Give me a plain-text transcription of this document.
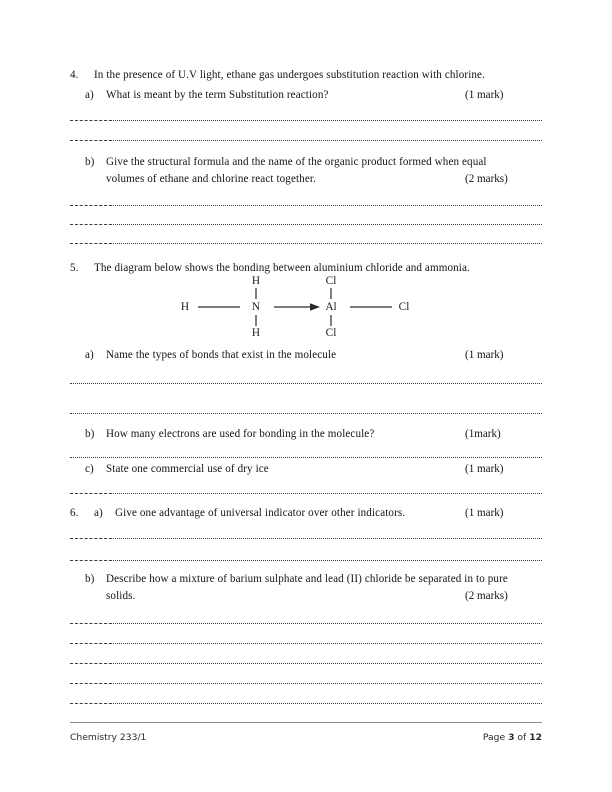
4.	In the presence of U.V light, ethane gas undergoes substitution reaction with chlorine.
a)	What is meant by the term Substitution reaction?	(1 mark)
b)	Give the structural formula and the name of the organic product formed when equal
volumes of ethane and chlorine react together.	(2 marks)
5.	The diagram below shows the bonding between aluminium chloride and ammonia.
H
H
N
H
Cl
Al
Cl
Cl
a)	Name the types of bonds that exist in the molecule	(1 mark)
b)	How many electrons are used for bonding in the molecule?	(1mark)
c)	State one commercial use of dry ice	(1 mark)
6.	a)	Give one advantage of universal indicator over other indicators.	(1 mark)
b)	Describe how a mixture of barium sulphate and lead (II) chloride be separated in to pure
solids.	(2 marks)
Chemistry 233/1	Page 3 of 12
